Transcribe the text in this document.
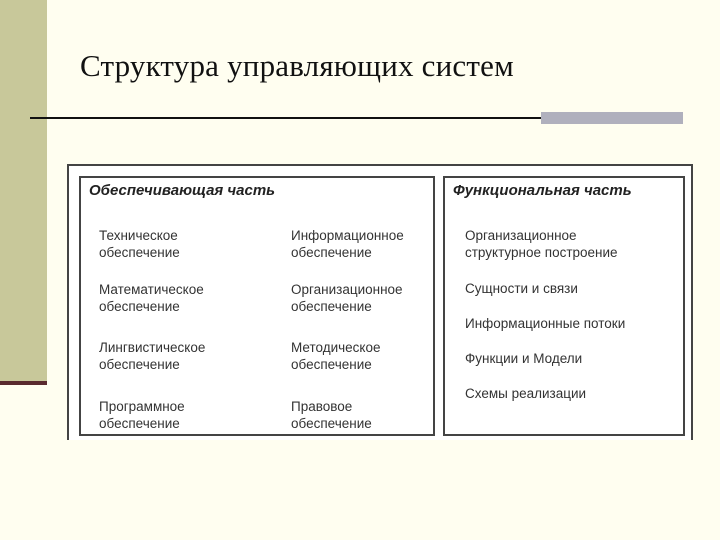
Структура управляющих систем
Обеспечивающая часть
Техническое
обеспечение
Информационное
обеспечение
Математическое
обеспечение
Организационное
обеспечение
Лингвистическое
обеспечение
Методическое
обеспечение
Программное
обеспечение
Правовое
обеспечение
Функциональная часть
Организационное
структурное построение
Сущности и связи
Информационные потоки
Функции и Модели
Схемы реализации
